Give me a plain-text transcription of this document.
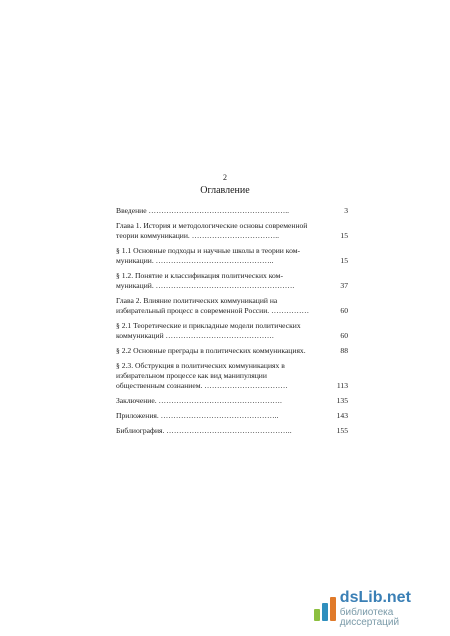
2
Оглавление
Введение ………………………………………………..	3
Глава 1. История и методологические основы современной
теории коммуникации. ……………………………..	15
§ 1.1 Основные подходы и научные школы в теории ком-
муникации. ………………………………………..	15
§ 1.2. Понятие и классификация политических ком-
муникаций. ……………………………………………….	37
Глава 2. Влияние политических коммуникаций на
избирательный процесс в современной России. ……………	60
§ 2.1 Теоретические и прикладные модели политических
коммуникаций …………………………………….	60
§ 2.2 Основные преграды в политических коммуникациях.	88
§ 2.3. Обструкция в политических коммуникациях в
избирательном процессе как вид манипуляции
общественным сознанием. ……………………………	113
Заключение. ………………………………………….	135
Приложения. ………………………………………..	143
Библиография. …………………………………………..	155
dsLib.net
библиотека диссертаций
